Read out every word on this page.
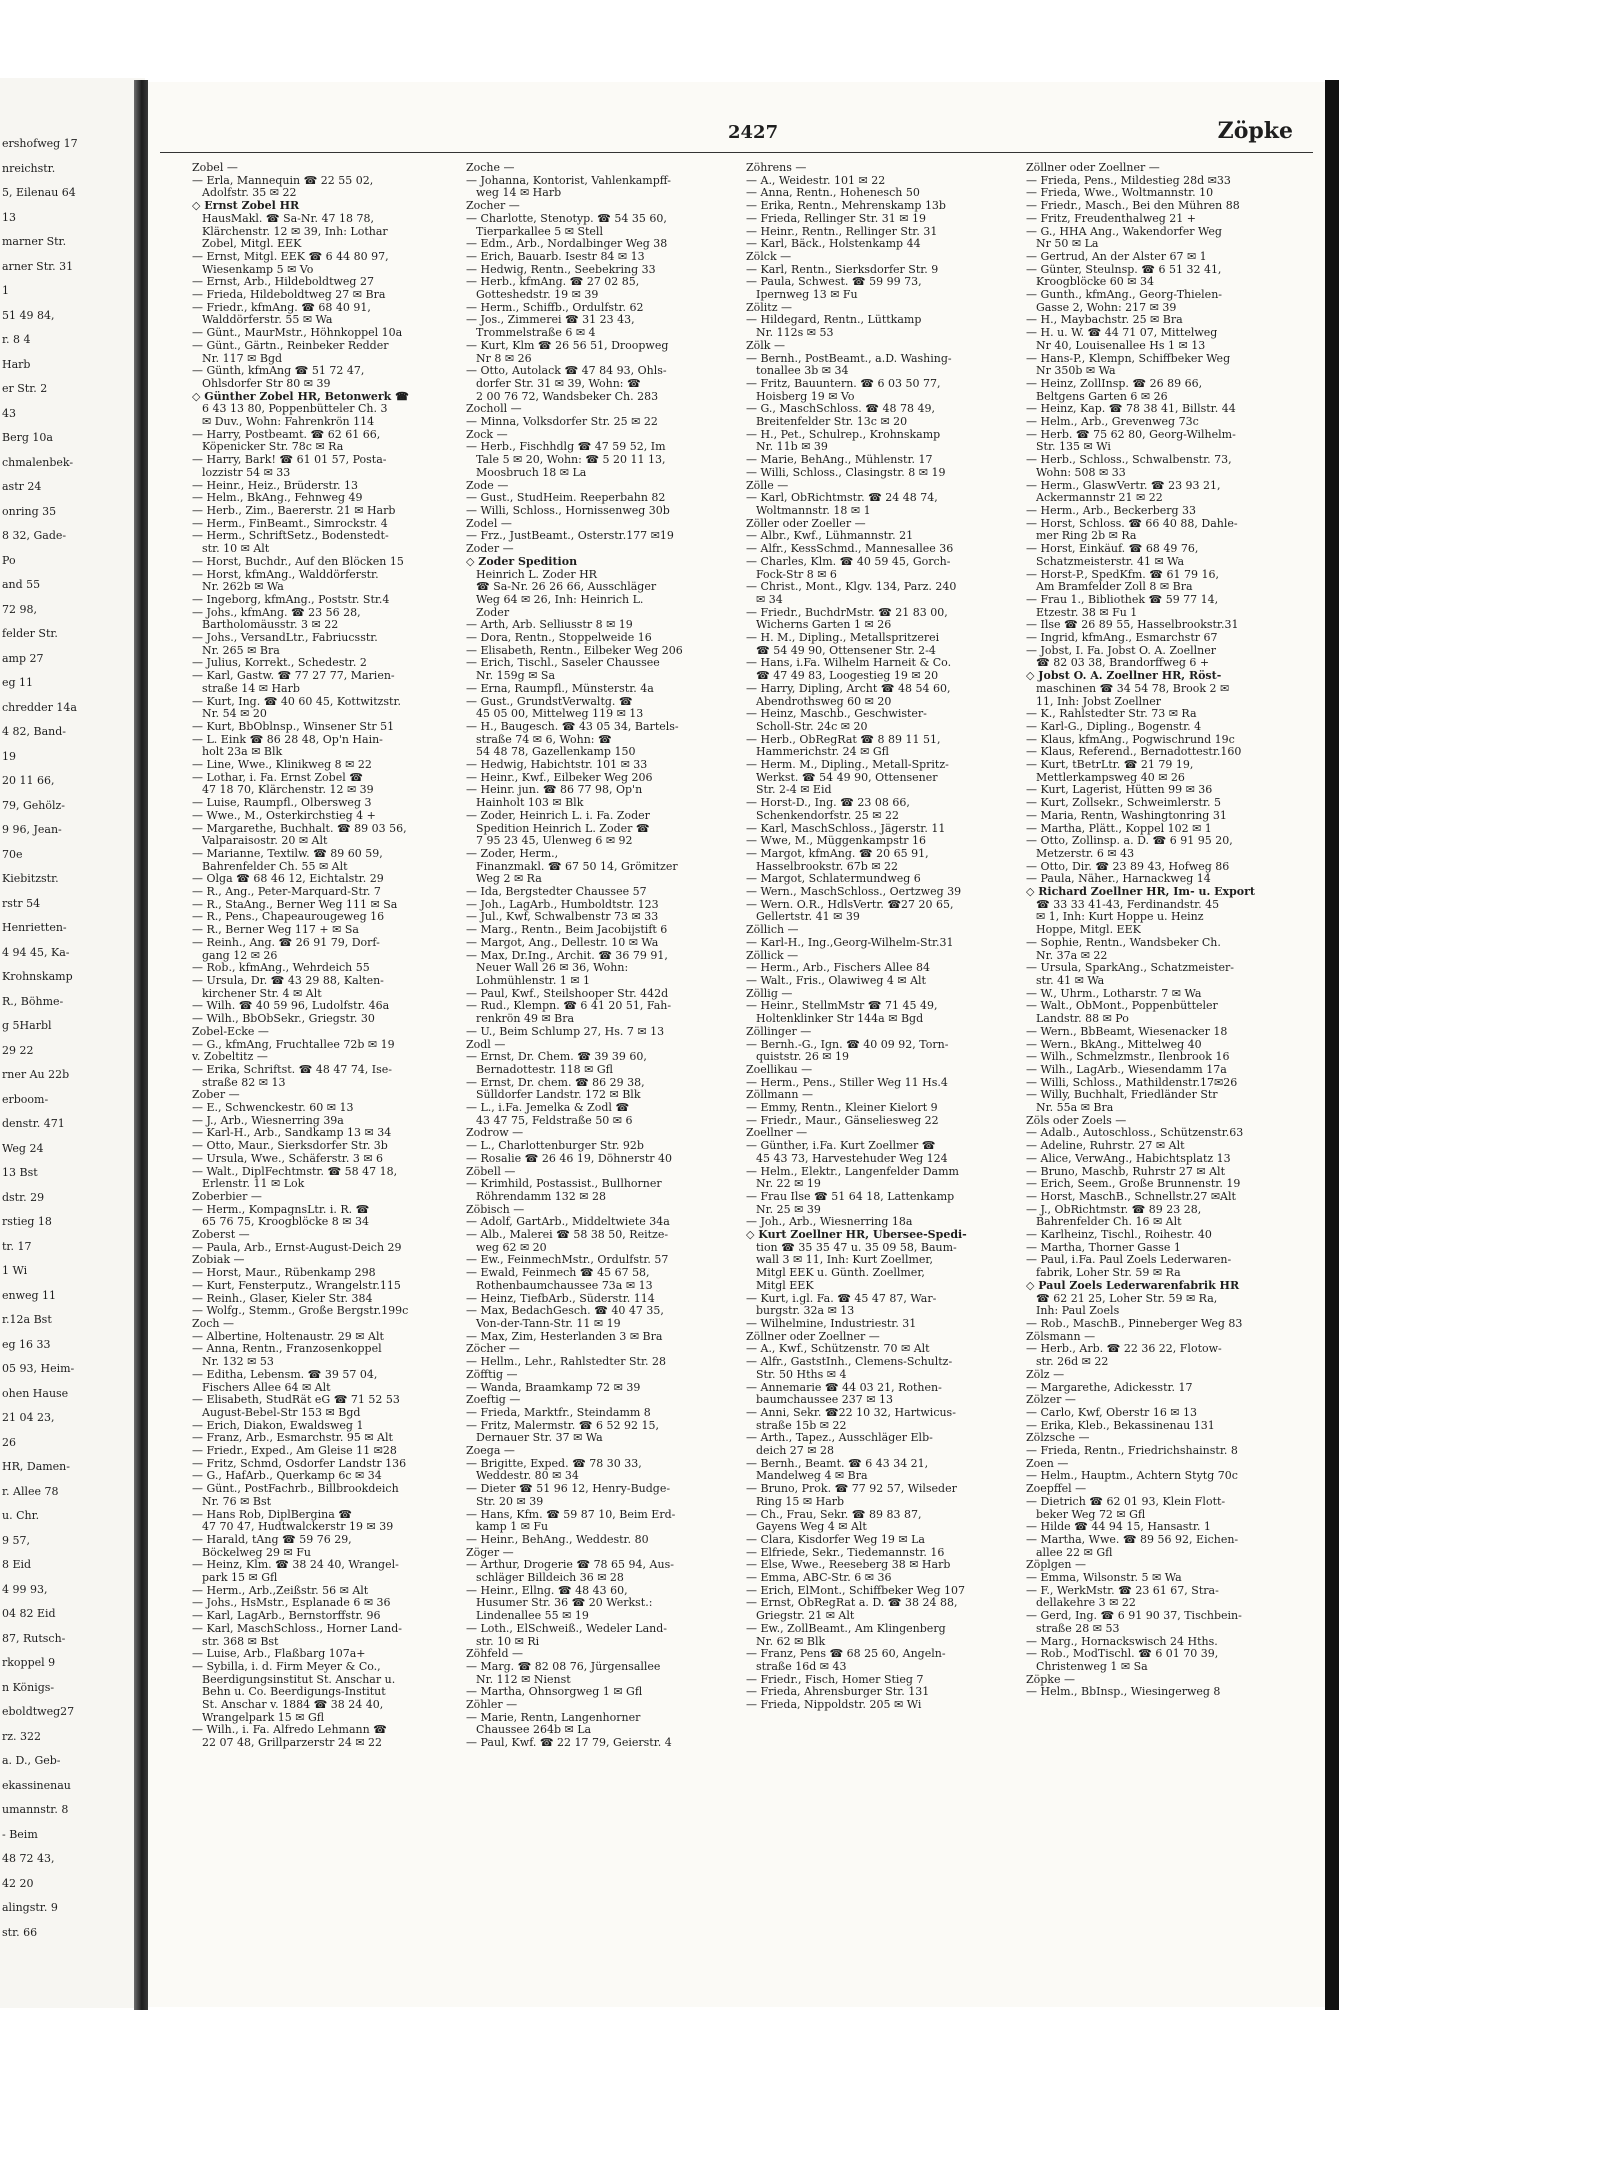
ershofweg 17
nreichstr.
5, Eilenau 64
13
marner Str.
arner Str. 31
1
51 49 84,
r. 8 4
Harb
er Str. 2
43
Berg 10a
chmalenbek-
astr 24
onring 35
8 32, Gade-
Po
and 55
72 98,
felder Str.
amp 27
eg 11
chredder 14a
4 82, Band-
19
20 11 66,
79, Gehölz-
9 96, Jean-
70e
Kiebitzstr.
rstr 54
Henrietten-
4 94 45, Ka-
Krohnskamp
R., Böhme-
g 5Harbl
29 22
rner Au 22b
erboom-
denstr. 471
Weg 24
13 Bst
dstr. 29
rstieg 18
tr. 17
1 Wi
enweg 11
r.12a Bst
eg 16 33
05 93, Heim-
ohen Hause
21 04 23,
26
HR, Damen-
r. Allee 78
u. Chr.
9 57,
8 Eid
4 99 93,
04 82 Eid
87, Rutsch-
rkoppel 9
n Königs-
eboldtweg27
rz. 322
a. D., Geb-
ekassinenau
umannstr. 8
- Beim
48 72 43,
42 20
alingstr. 9
str. 66
2427	Zöpke

Zobel —

— Erla, Mannequin ☎ 22 55 02,

Adolfstr. 35 ✉ 22

◇ Ernst Zobel HR

HausMakl. ☎ Sa-Nr. 47 18 78,

Klärchenstr. 12 ✉ 39, Inh: Lothar

Zobel, Mitgl. EEK

— Ernst, Mitgl. EEK ☎ 6 44 80 97,

Wiesenkamp 5 ✉ Vo

— Ernst, Arb., Hildeboldtweg 27

— Frieda, Hildeboldtweg 27 ✉ Bra

— Friedr., kfmAng. ☎ 68 40 91,

Walddörferstr. 55 ✉ Wa

— Günt., MaurMstr., Höhnkoppel 10a

— Günt., Gärtn., Reinbeker Redder

Nr. 117 ✉ Bgd

— Günth, kfmAng ☎ 51 72 47,

Ohlsdorfer Str 80 ✉ 39

◇ Günther Zobel HR, Betonwerk ☎

6 43 13 80, Poppenbütteler Ch. 3

✉ Duv., Wohn: Fahrenkrön 114

— Harry, Postbeamt. ☎ 62 61 66,

Köpenicker Str. 78c ✉ Ra

— Harry, Bark! ☎ 61 01 57, Posta-

lozzistr 54 ✉ 33

— Heinr., Heiz., Brüderstr. 13

— Helm., BkAng., Fehnweg 49

— Herb., Zim., Baererstr. 21 ✉ Harb

— Herm., FinBeamt., Simrockstr. 4

— Herm., SchriftSetz., Bodenstedt-

str. 10 ✉ Alt

— Horst, Buchdr., Auf den Blöcken 15

— Horst, kfmAng., Walddörferstr.

Nr. 262b ✉ Wa

— Ingeborg, kfmAng., Poststr. Str.4

— Johs., kfmAng. ☎ 23 56 28,

Bartholomäusstr. 3 ✉ 22

— Johs., VersandLtr., Fabriucsstr.

Nr. 265 ✉ Bra

— Julius, Korrekt., Schedestr. 2

— Karl, Gastw. ☎ 77 27 77, Marien-

straße 14 ✉ Harb

— Kurt, Ing. ☎ 40 60 45, Kottwitzstr.

Nr. 54 ✉ 20

— Kurt, BbOblnsp., Winsener Str 51

— L. Eink ☎ 86 28 48, Op'n Hain-

holt 23a ✉ Blk

— Line, Wwe., Klinikweg 8 ✉ 22

— Lothar, i. Fa. Ernst Zobel ☎

47 18 70, Klärchenstr. 12 ✉ 39

— Luise, Raumpfl., Olbersweg 3

— Wwe., M., Osterkirchstieg 4 +

— Margarethe, Buchhalt. ☎ 89 03 56,

Valparaisostr. 20 ✉ Alt

— Marianne, Textilw. ☎ 89 60 59,

Bahrenfelder Ch. 55 ✉ Alt

— Olga ☎ 68 46 12, Eichtalstr. 29

— R., Ang., Peter-Marquard-Str. 7

— R., StaAng., Berner Weg 111 ✉ Sa

— R., Pens., Chapeaurougeweg 16

— R., Berner Weg 117 + ✉ Sa

— Reinh., Ang. ☎ 26 91 79, Dorf-

gang 12 ✉ 26

— Rob., kfmAng., Wehrdeich 55

— Ursula, Dr. ☎ 43 29 88, Kalten-

kirchener Str. 4 ✉ Alt

— Wilh. ☎ 40 59 96, Ludolfstr. 46a

— Wilh., BbObSekr., Griegstr. 30

Zobel-Ecke —

— G., kfmAng, Fruchtallee 72b ✉ 19

v. Zobeltitz —

— Erika, Schriftst. ☎ 48 47 74, Ise-

straße 82 ✉ 13

Zober —

— E., Schwenckestr. 60 ✉ 13

— J., Arb., Wiesnerring 39a

— Karl-H., Arb., Sandkamp 13 ✉ 34

— Otto, Maur., Sierksdorfer Str. 3b

— Ursula, Wwe., Schäferstr. 3 ✉ 6

— Walt., DiplFechtmstr. ☎ 58 47 18,

Erlenstr. 11 ✉ Lok

Zoberbier —

— Herm., KompagnsLtr. i. R. ☎

65 76 75, Kroogblöcke 8 ✉ 34

Zoberst —

— Paula, Arb., Ernst-August-Deich 29

Zobiak —

— Horst, Maur., Rübenkamp 298

— Kurt, Fensterputz., Wrangelstr.115

— Reinh., Glaser, Kieler Str. 384

— Wolfg., Stemm., Große Bergstr.199c

Zoch —

— Albertine, Holtenaustr. 29 ✉ Alt

— Anna, Rentn., Franzosenkoppel

Nr. 132 ✉ 53

— Editha, Lebensm. ☎ 39 57 04,

Fischers Allee 64 ✉ Alt

— Elisabeth, StudRät eG ☎ 71 52 53

August-Bebel-Str 153 ✉ Bgd

— Erich, Diakon, Ewaldsweg 1

— Franz, Arb., Esmarchstr. 95 ✉ Alt

— Friedr., Exped., Am Gleise 11 ✉28

— Fritz, Schmd, Osdorfer Landstr 136

— G., HafArb., Querkamp 6c ✉ 34

— Günt., PostFachrb., Billbrookdeich

Nr. 76 ✉ Bst

— Hans Rob, DiplBergina ☎

47 70 47, Hudtwalckerstr 19 ✉ 39

— Harald, tAng ☎ 59 76 29,

Böckelweg 29 ✉ Fu

— Heinz, Klm. ☎ 38 24 40, Wrangel-

park 15 ✉ Gfl

— Herm., Arb.,Zeißstr. 56 ✉ Alt

— Johs., HsMstr., Esplanade 6 ✉ 36

— Karl, LagArb., Bernstorffstr. 96

— Karl, MaschSchloss., Horner Land-

str. 368 ✉ Bst

— Luise, Arb., Flaßbarg 107a+

— Sybilla, i. d. Firm Meyer & Co.,

Beerdigungsinstitut St. Anschar u.

Behn u. Co. Beerdigungs-Institut

St. Anschar v. 1884 ☎ 38 24 40,

Wrangelpark 15 ✉ Gfl

— Wilh., i. Fa. Alfredo Lehmann ☎

22 07 48, Grillparzerstr 24 ✉ 22

Zoche —

— Johanna, Kontorist, Vahlenkampff-

weg 14 ✉ Harb

Zocher —

— Charlotte, Stenotyp. ☎ 54 35 60,

Tierparkallee 5 ✉ Stell

— Edm., Arb., Nordalbinger Weg 38

— Erich, Bauarb. Isestr 84 ✉ 13

— Hedwig, Rentn., Seebekring 33

— Herb., kfmAng. ☎ 27 02 85,

Gotteshedstr. 19 ✉ 39

— Herm., Schiffb., Ordulfstr. 62

— Jos., Zimmerei ☎ 31 23 43,

Trommelstraße 6 ✉ 4

— Kurt, Klm ☎ 26 56 51, Droopweg

Nr 8 ✉ 26

— Otto, Autolack ☎ 47 84 93, Ohls-

dorfer Str. 31 ✉ 39, Wohn: ☎

2 00 76 72, Wandsbeker Ch. 283

Zocholl —

— Minna, Volksdorfer Str. 25 ✉ 22

Zock —

— Herb., Fischhdlg ☎ 47 59 52, Im

Tale 5 ✉ 20, Wohn: ☎ 5 20 11 13,

Moosbruch 18 ✉ La

Zode —

— Gust., StudHeim. Reeperbahn 82

— Willi, Schloss., Hornissenweg 30b

Zodel —

— Frz., JustBeamt., Osterstr.177 ✉19

Zoder —

◇ Zoder Spedition

Heinrich L. Zoder HR

☎ Sa-Nr. 26 26 66, Ausschläger

Weg 64 ✉ 26, Inh: Heinrich L.

Zoder

— Arth, Arb. Selliusstr 8 ✉ 19

— Dora, Rentn., Stoppelweide 16

— Elisabeth, Rentn., Eilbeker Weg 206

— Erich, Tischl., Saseler Chaussee

Nr. 159g ✉ Sa

— Erna, Raumpfl., Münsterstr. 4a

— Gust., GrundstVerwaltg. ☎

45 05 00, Mittelweg 119 ✉ 13

— H., Baugesch. ☎ 43 05 34, Bartels-

straße 74 ✉ 6, Wohn: ☎

54 48 78, Gazellenkamp 150

— Hedwig, Habichtstr. 101 ✉ 33

— Heinr., Kwf., Eilbeker Weg 206

— Heinr. jun. ☎ 86 77 98, Op'n

Hainholt 103 ✉ Blk

— Zoder, Heinrich L. i. Fa. Zoder

Spedition Heinrich L. Zoder ☎

7 95 23 45, Ulenweg 6 ✉ 92

— Zoder, Herm.,

Finanzmakl. ☎ 67 50 14, Grömitzer

Weg 2 ✉ Ra

— Ida, Bergstedter Chaussee 57

— Joh., LagArb., Humboldtstr. 123

— Jul., Kwf, Schwalbenstr 73 ✉ 33

— Marg., Rentn., Beim Jacobijstift 6

— Margot, Ang., Dellestr. 10 ✉ Wa

— Max, Dr.Ing., Archit. ☎ 36 79 91,

Neuer Wall 26 ✉ 36, Wohn:

Lohmühlenstr. 1 ✉ 1

— Paul, Kwf., Steilshooper Str. 442d

— Rud., Klempn. ☎ 6 41 20 51, Fah-

renkrön 49 ✉ Bra

— U., Beim Schlump 27, Hs. 7 ✉ 13

Zodl —

— Ernst, Dr. Chem. ☎ 39 39 60,

Bernadottestr. 118 ✉ Gfl

— Ernst, Dr. chem. ☎ 86 29 38,

Sülldorfer Landstr. 172 ✉ Blk

— L., i.Fa. Jemelka & Zodl ☎

43 47 75, Feldstraße 50 ✉ 6

Zodrow —

— L., Charlottenburger Str. 92b

— Rosalie ☎ 26 46 19, Döhnerstr 40

Zöbell —

— Krimhild, Postassist., Bullhorner

Röhrendamm 132 ✉ 28

Zöbisch —

— Adolf, GartArb., Middeltwiete 34a

— Alb., Malerei ☎ 58 38 50, Reitze-

weg 62 ✉ 20

— Ew., FeinmechMstr., Ordulfstr. 57

— Ewald, Feinmech ☎ 45 67 58,

Rothenbaumchaussee 73a ✉ 13

— Heinz, TiefbArb., Süderstr. 114

— Max, BedachGesch. ☎ 40 47 35,

Von-der-Tann-Str. 11 ✉ 19

— Max, Zim, Hesterlanden 3 ✉ Bra

Zöcher —

— Hellm., Lehr., Rahlstedter Str. 28

Zöfftig —

— Wanda, Braamkamp 72 ✉ 39

Zoeftig —

— Frieda, Marktfr., Steindamm 8

— Fritz, Malermstr. ☎ 6 52 92 15,

Dernauer Str. 37 ✉ Wa

Zoega —

— Brigitte, Exped. ☎ 78 30 33,

Weddestr. 80 ✉ 34

— Dieter ☎ 51 96 12, Henry-Budge-

Str. 20 ✉ 39

— Hans, Kfm. ☎ 59 87 10, Beim Erd-

kamp 1 ✉ Fu

— Heinr., BehAng., Weddestr. 80

Zöger —

— Arthur, Drogerie ☎ 78 65 94, Aus-

schläger Billdeich 36 ✉ 28

— Heinr., Ellng. ☎ 48 43 60,

Husumer Str. 36 ☎ 20 Werkst.:

Lindenallee 55 ✉ 19

— Loth., ElSchweiß., Wedeler Land-

str. 10 ✉ Ri

Zöhfeld —

— Marg. ☎ 82 08 76, Jürgensallee

Nr. 112 ✉ Nienst

— Martha, Ohnsorgweg 1 ✉ Gfl

Zöhler —

— Marie, Rentn, Langenhorner

Chaussee 264b ✉ La

— Paul, Kwf. ☎ 22 17 79, Geierstr. 4

Zöhrens —

— A., Weidestr. 101 ✉ 22

— Anna, Rentn., Hohenesch 50

— Erika, Rentn., Mehrenskamp 13b

— Frieda, Rellinger Str. 31 ✉ 19

— Heinr., Rentn., Rellinger Str. 31

— Karl, Bäck., Holstenkamp 44

Zölck —

— Karl, Rentn., Sierksdorfer Str. 9

— Paula, Schwest. ☎ 59 99 73,

Ipernweg 13 ✉ Fu

Zölitz —

— Hildegard, Rentn., Lüttkamp

Nr. 112s ✉ 53

Zölk —

— Bernh., PostBeamt., a.D. Washing-

tonallee 3b ✉ 34

— Fritz, Bauuntern. ☎ 6 03 50 77,

Hoisberg 19 ✉ Vo

— G., MaschSchloss. ☎ 48 78 49,

Breitenfelder Str. 13c ✉ 20

— H., Pet., Schulrep., Krohnskamp

Nr. 11b ✉ 39

— Marie, BehAng., Mühlenstr. 17

— Willi, Schloss., Clasingstr. 8 ✉ 19

Zölle —

— Karl, ObRichtmstr. ☎ 24 48 74,

Woltmannstr. 18 ✉ 1

Zöller oder Zoeller —

— Albr., Kwf., Lühmannstr. 21

— Alfr., KessSchmd., Mannesallee 36

— Charles, Klm. ☎ 40 59 45, Gorch-

Fock-Str 8 ✉ 6

— Christ., Mont., Klgv. 134, Parz. 240

✉ 34

— Friedr., BuchdrMstr. ☎ 21 83 00,

Wicherns Garten 1 ✉ 26

— H. M., Dipling., Metallspritzerei

☎ 54 49 90, Ottensener Str. 2-4

— Hans, i.Fa. Wilhelm Harneit & Co.

☎ 47 49 83, Loogestieg 19 ✉ 20

— Harry, Dipling, Archt ☎ 48 54 60,

Abendrothsweg 60 ✉ 20

— Heinz, Maschb., Geschwister-

Scholl-Str. 24c ✉ 20

— Herb., ObRegRat ☎ 8 89 11 51,

Hammerichstr. 24 ✉ Gfl

— Herm. M., Dipling., Metall-Spritz-

Werkst. ☎ 54 49 90, Ottensener

Str. 2-4 ✉ Eid

— Horst-D., Ing. ☎ 23 08 66,

Schenkendorfstr. 25 ✉ 22

— Karl, MaschSchloss., Jägerstr. 11

— Wwe, M., Müggenkampstr 16

— Margot, kfmAng. ☎ 20 65 91,

Hasselbrookstr. 67b ✉ 22

— Margot, Schlatermundweg 6

— Wern., MaschSchloss., Oertzweg 39

— Wern. O.R., HdlsVertr. ☎27 20 65,

Gellertstr. 41 ✉ 39

Zöllich —

— Karl-H., Ing.,Georg-Wilhelm-Str.31

Zöllick —

— Herm., Arb., Fischers Allee 84

— Walt., Fris., Olawiweg 4 ✉ Alt

Zöllig —

— Heinr., StellmMstr ☎ 71 45 49,

Holtenklinker Str 144a ✉ Bgd

Zöllinger —

— Bernh.-G., Ign. ☎ 40 09 92, Torn-

quiststr. 26 ✉ 19

Zoellikau —

— Herm., Pens., Stiller Weg 11 Hs.4

Zöllmann —

— Emmy, Rentn., Kleiner Kielort 9

— Friedr., Maur., Gänseliesweg 22

Zoellner —

— Günther, i.Fa. Kurt Zoellmer ☎

45 43 73, Harvestehuder Weg 124

— Helm., Elektr., Langenfelder Damm

Nr. 22 ✉ 19

— Frau Ilse ☎ 51 64 18, Lattenkamp

Nr. 25 ✉ 39

— Joh., Arb., Wiesnerring 18a

◇ Kurt Zoellner HR, Übersee-Spedi-

tion ☎ 35 35 47 u. 35 09 58, Baum-

wall 3 ✉ 11, Inh: Kurt Zoellmer,

Mitgl EEK u. Günth. Zoellmer,

Mitgl EEK

— Kurt, i.gl. Fa. ☎ 45 47 87, War-

burgstr. 32a ✉ 13

— Wilhelmine, Industriestr. 31

Zöllner oder Zoellner —

— A., Kwf., Schützenstr. 70 ✉ Alt

— Alfr., GaststInh., Clemens-Schultz-

Str. 50 Hths ✉ 4

— Annemarie ☎ 44 03 21, Rothen-

baumchaussee 237 ✉ 13

— Anni, Sekr. ☎22 10 32, Hartwicus-

straße 15b ✉ 22

— Arth., Tapez., Ausschläger Elb-

deich 27 ✉ 28

— Bernh., Beamt. ☎ 6 43 34 21,

Mandelweg 4 ✉ Bra

— Bruno, Prok. ☎ 77 92 57, Wilseder

Ring 15 ✉ Harb

— Ch., Frau, Sekr. ☎ 89 83 87,

Gayens Weg 4 ✉ Alt

— Clara, Kisdorfer Weg 19 ✉ La

— Elfriede, Sekr., Tiedemannstr. 16

— Else, Wwe., Reeseberg 38 ✉ Harb

— Emma, ABC-Str. 6 ✉ 36

— Erich, ElMont., Schiffbeker Weg 107

— Ernst, ObRegRat a. D. ☎ 38 24 88,

Griegstr. 21 ✉ Alt

— Ew., ZollBeamt., Am Klingenberg

Nr. 62 ✉ Blk

— Franz, Pens ☎ 68 25 60, Angeln-

straße 16d ✉ 43

— Friedr., Fisch, Homer Stieg 7

— Frieda, Ahrensburger Str. 131

— Frieda, Nippoldstr. 205 ✉ Wi

Zöllner oder Zoellner —

— Frieda, Pens., Mildestieg 28d ✉33

— Frieda, Wwe., Woltmannstr. 10

— Friedr., Masch., Bei den Mühren 88

— Fritz, Freudenthalweg 21 +

— G., HHA Ang., Wakendorfer Weg

Nr 50 ✉ La

— Gertrud, An der Alster 67 ✉ 1

— Günter, Steulnsp. ☎ 6 51 32 41,

Kroogblöcke 60 ✉ 34

— Gunth., kfmAng., Georg-Thielen-

Gasse 2, Wohn: 217 ✉ 39

— H., Maybachstr. 25 ✉ Bra

— H. u. W. ☎ 44 71 07, Mittelweg

Nr 40, Louisenallee Hs 1 ✉ 13

— Hans-P., Klempn, Schiffbeker Weg

Nr 350b ✉ Wa

— Heinz, ZollInsp. ☎ 26 89 66,

Beltgens Garten 6 ✉ 26

— Heinz, Kap. ☎ 78 38 41, Billstr. 44

— Helm., Arb., Grevenweg 73c

— Herb. ☎ 75 62 80, Georg-Wilhelm-

Str. 135 ✉ Wi

— Herb., Schloss., Schwalbenstr. 73,

Wohn: 508 ✉ 33

— Herm., GlaswVertr. ☎ 23 93 21,

Ackermannstr 21 ✉ 22

— Herm., Arb., Beckerberg 33

— Horst, Schloss. ☎ 66 40 88, Dahle-

mer Ring 2b ✉ Ra

— Horst, Einkäuf. ☎ 68 49 76,

Schatzmeisterstr. 41 ✉ Wa

— Horst-P., SpedKfm. ☎ 61 79 16,

Am Bramfelder Zoll 8 ✉ Bra

— Frau 1., Bibliothek ☎ 59 77 14,

Etzestr. 38 ✉ Fu 1

— Ilse ☎ 26 89 55, Hasselbrookstr.31

— Ingrid, kfmAng., Esmarchstr 67

— Jobst, I. Fa. Jobst O. A. Zoellner

☎ 82 03 38, Brandorffweg 6 +

◇ Jobst O. A. Zoellner HR, Röst-

maschinen ☎ 34 54 78, Brook 2 ✉

11, Inh: Jobst Zoellner

— K., Rahlstedter Str. 73 ✉ Ra

— Karl-G., Dipling., Bogenstr. 4

— Klaus, kfmAng., Pogwischrund 19c

— Klaus, Referend., Bernadottestr.160

— Kurt, tBetrLtr. ☎ 21 79 19,

Mettlerkampsweg 40 ✉ 26

— Kurt, Lagerist, Hütten 99 ✉ 36

— Kurt, Zollsekr., Schweimlerstr. 5

— Maria, Rentn, Washingtonring 31

— Martha, Plätt., Koppel 102 ✉ 1

— Otto, Zollinsp. a. D. ☎ 6 91 95 20,

Metzerstr. 6 ✉ 43

— Otto, Dir. ☎ 23 89 43, Hofweg 86

— Paula, Näher., Harnackweg 14

◇ Richard Zoellner HR, Im- u. Export

☎ 33 33 41-43, Ferdinandstr. 45

✉ 1, Inh: Kurt Hoppe u. Heinz

Hoppe, Mitgl. EEK

— Sophie, Rentn., Wandsbeker Ch.

Nr. 37a ✉ 22

— Ursula, SparkAng., Schatzmeister-

str. 41 ✉ Wa

— W., Uhrm., Lotharstr. 7 ✉ Wa

— Walt., ObMont., Poppenbütteler

Landstr. 88 ✉ Po

— Wern., BbBeamt, Wiesenacker 18

— Wern., BkAng., Mittelweg 40

— Wilh., Schmelzmstr., Ilenbrook 16

— Wilh., LagArb., Wiesendamm 17a

— Willi, Schloss., Mathildenstr.17✉26

— Willy, Buchhalt, Friedländer Str

Nr. 55a ✉ Bra

Zöls oder Zoels —

— Adalb., Autoschloss., Schützenstr.63

— Adeline, Ruhrstr. 27 ✉ Alt

— Alice, VerwAng., Habichtsplatz 13

— Bruno, Maschb, Ruhrstr 27 ✉ Alt

— Erich, Seem., Große Brunnenstr. 19

— Horst, MaschB., Schnellstr.27 ✉Alt

— J., ObRichtmstr. ☎ 89 23 28,

Bahrenfelder Ch. 16 ✉ Alt

— Karlheinz, Tischl., Roihestr. 40

— Martha, Thorner Gasse 1

— Paul, i.Fa. Paul Zoels Lederwaren-

fabrik, Loher Str. 59 ✉ Ra

◇ Paul Zoels Lederwarenfabrik HR

☎ 62 21 25, Loher Str. 59 ✉ Ra,

Inh: Paul Zoels

— Rob., MaschB., Pinneberger Weg 83

Zölsmann —

— Herb., Arb. ☎ 22 36 22, Flotow-

str. 26d ✉ 22

Zölz —

— Margarethe, Adickesstr. 17

Zölzer —

— Carlo, Kwf, Oberstr 16 ✉ 13

— Erika, Kleb., Bekassinenau 131

Zölzsche —

— Frieda, Rentn., Friedrichshainstr. 8

Zoen —

— Helm., Hauptm., Achtern Stytg 70c

Zoepffel —

— Dietrich ☎ 62 01 93, Klein Flott-

beker Weg 72 ✉ Gfl

— Hilde ☎ 44 94 15, Hansastr. 1

— Martha, Wwe. ☎ 89 56 92, Eichen-

allee 22 ✉ Gfl

Zöplgen —

— Emma, Wilsonstr. 5 ✉ Wa

— F., WerkMstr. ☎ 23 61 67, Stra-

dellakehre 3 ✉ 22

— Gerd, Ing. ☎ 6 91 90 37, Tischbein-

straße 28 ✉ 53

— Marg., Hornackswisch 24 Hths.

— Rob., ModTischl. ☎ 6 01 70 39,

Christenweg 1 ✉ Sa

Zöpke —

— Helm., BbInsp., Wiesingerweg 8
